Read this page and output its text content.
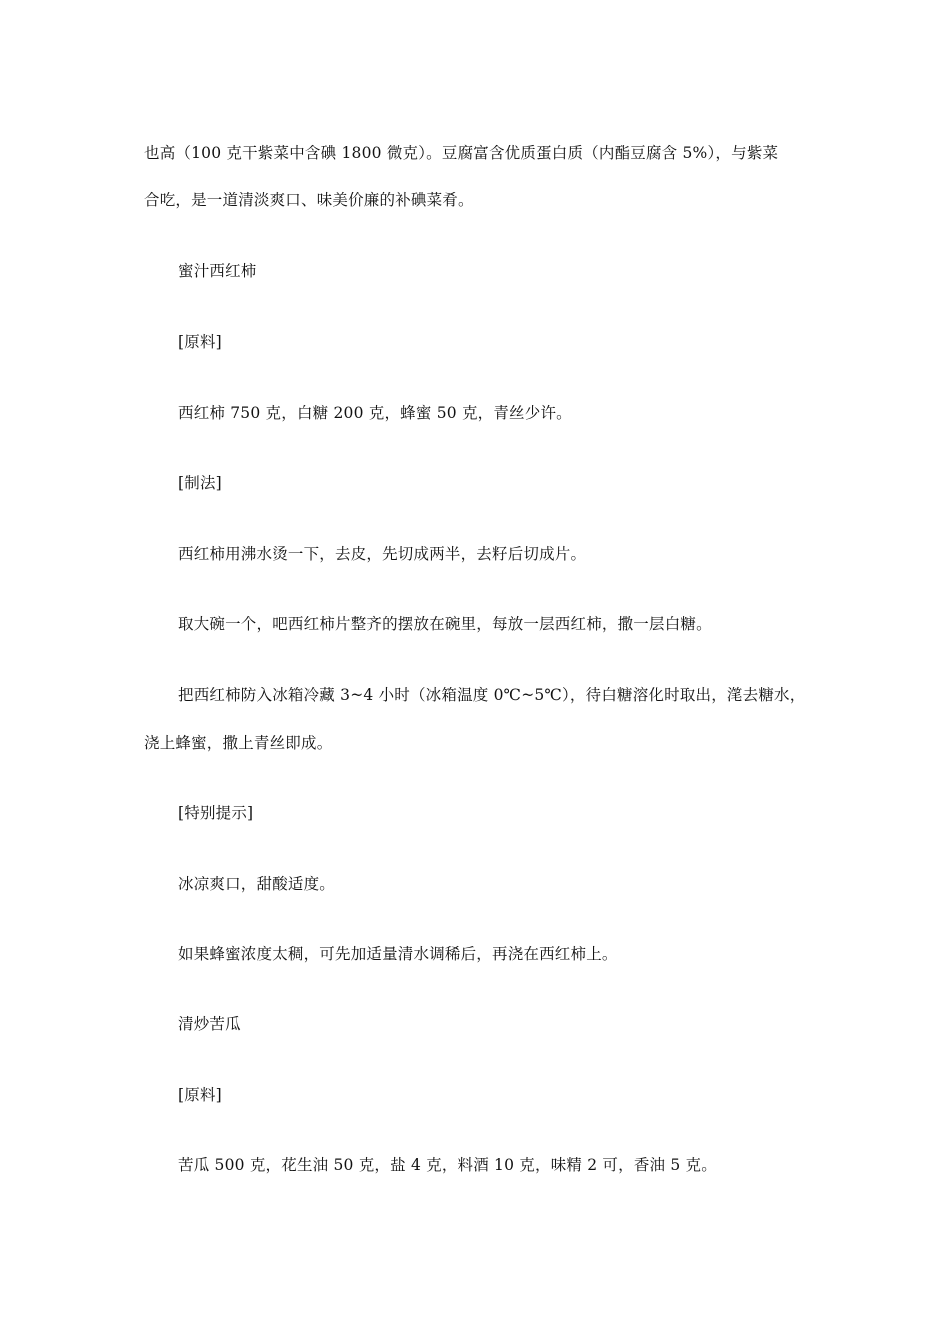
也高（100 克干紫菜中含碘 1800 微克）。豆腐富含优质蛋白质（内酯豆腐含 5%），与紫菜
合吃，是一道清淡爽口、味美价廉的补碘菜肴。
蜜汁西红柿
[原料]
西红柿 750 克，白糖 200 克，蜂蜜 50 克，青丝少许。
[制法]
西红柿用沸水烫一下，去皮，先切成两半，去籽后切成片。
取大碗一个，吧西红柿片整齐的摆放在碗里，每放一层西红柿，撒一层白糖。
把西红柿防入冰箱冷藏 3~4 小时（冰箱温度 0℃~5℃），待白糖溶化时取出，滗去糖水，
浇上蜂蜜，撒上青丝即成。
[特别提示]
冰凉爽口，甜酸适度。
如果蜂蜜浓度太稠，可先加适量清水调稀后，再浇在西红柿上。
清炒苦瓜
[原料]
苦瓜 500 克，花生油 50 克，盐 4 克，料酒 10 克，味精 2 可，香油 5 克。
